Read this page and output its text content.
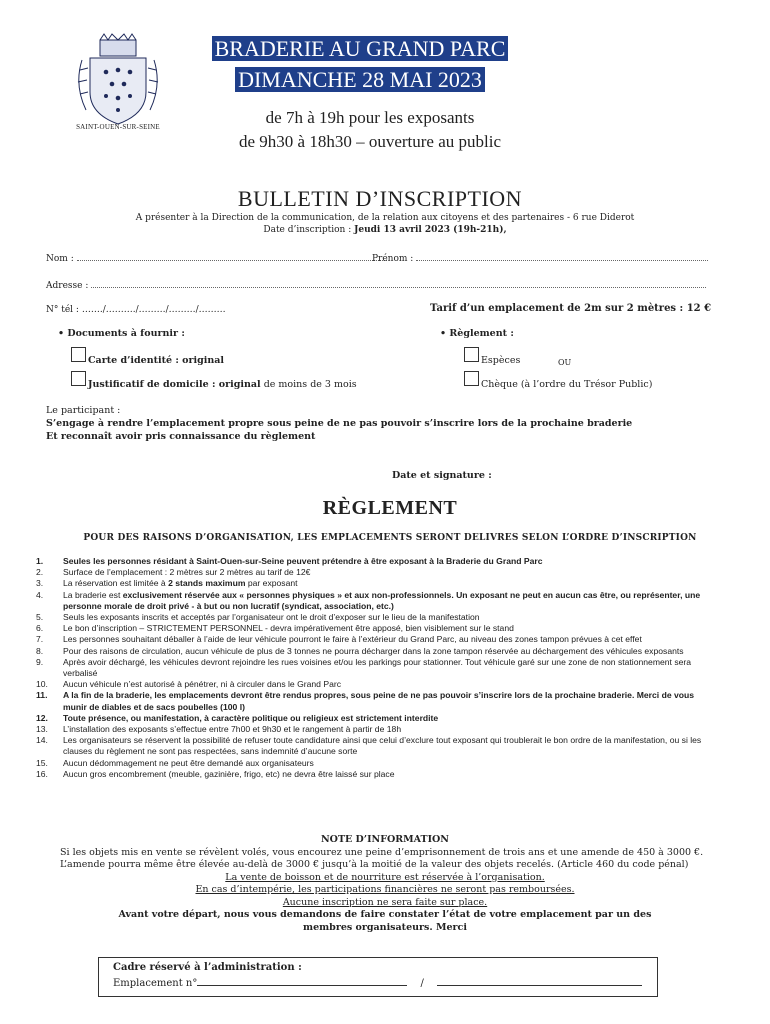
SAINT-OUEN-SUR-SEINE
BRADERIE AU GRAND PARC
DIMANCHE 28 MAI 2023
de 7h à 19h pour les exposants
de 9h30 à 18h30 – ouverture au public
BULLETIN D’INSCRIPTION
A présenter à la Direction de la communication, de la relation aux citoyens et des partenaires - 6 rue Diderot
Date d’inscription : Jeudi 13 avril 2023 (19h-21h),
Nom :	Prénom :
Adresse :
N° tél : ……./………./………/………/………	Tarif d’un emplacement de 2m sur 2 mètres : 12 €
• Documents à fournir :	• Règlement :
Carte d’identité : original
Justificatif de domicile : original de moins de 3 mois
Espèces	OU
Chèque (à l’ordre du Trésor Public)
Le participant :
S’engage à rendre l’emplacement propre sous peine de ne pas pouvoir s’inscrire lors de la prochaine braderie
Et reconnaît avoir pris connaissance du règlement
Date et signature :
RÈGLEMENT
POUR DES RAISONS D’ORGANISATION, LES EMPLACEMENTS SERONT DELIVRES SELON L’ORDRE D’INSCRIPTION
1.	Seules les personnes résidant à Saint-Ouen-sur-Seine peuvent prétendre à être exposant à la Braderie du Grand Parc
2.	Surface de l’emplacement : 2 mètres sur 2 mètres au tarif de 12€
3.	La réservation est limitée à 2 stands maximum par exposant
4.	La braderie est exclusivement réservée aux « personnes physiques » et aux non-professionnels. Un exposant ne peut en aucun cas être, ou représenter, une personne morale de droit privé - à but ou non lucratif (syndicat, association, etc.)
5.	Seuls les exposants inscrits et acceptés par l’organisateur ont le droit d’exposer sur le lieu de la manifestation
6.	Le bon d’inscription – STRICTEMENT PERSONNEL - devra impérativement être apposé, bien visiblement sur le stand
7.	Les personnes souhaitant déballer à l’aide de leur véhicule pourront le faire à l’extérieur du Grand Parc, au niveau des zones tampon prévues à cet effet
8.	Pour des raisons de circulation, aucun véhicule de plus de 3 tonnes ne pourra décharger dans la zone tampon réservée au déchargement des véhicules exposants
9.	Après avoir déchargé, les véhicules devront rejoindre les rues voisines et/ou les parkings pour stationner. Tout véhicule garé sur une zone de non stationnement sera verbalisé
10.	Aucun véhicule n’est autorisé à pénétrer, ni à circuler dans le Grand Parc
11.	A la fin de la braderie, les emplacements devront être rendus propres, sous peine de ne pas pouvoir s’inscrire lors de la prochaine braderie. Merci de vous munir de diables et de sacs poubelles (100 l)
12.	Toute présence, ou manifestation, à caractère politique ou religieux est strictement interdite
13.	L’installation des exposants s’effectue entre 7h00 et 9h30 et le rangement à partir de 18h
14.	Les organisateurs se réservent la possibilité de refuser toute candidature ainsi que celui d’exclure tout exposant qui troublerait le bon ordre de la manifestation, ou si les clauses du règlement ne sont pas respectées, sans indemnité d’aucune sorte
15.	Aucun dédommagement ne peut être demandé aux organisateurs
16.	Aucun gros encombrement (meuble, gazinière, frigo, etc) ne devra être laissé sur place
NOTE D’INFORMATION
Si les objets mis en vente se révèlent volés, vous encourez une peine d’emprisonnement de trois ans et une amende de 450 à 3000 €. L’amende pourra même être élevée au-delà de 3000 € jusqu’à la moitié de la valeur des objets recelés. (Article 460 du code pénal)
La vente de boisson et de nourriture est réservée à l’organisation.
En cas d’intempérie, les participations financières ne seront pas remboursées.
Aucune inscription ne sera faite sur place.
Avant votre départ, nous vous demandons de faire constater l’état de votre emplacement par un des
membres organisateurs. Merci
Cadre réservé à l’administration :
Emplacement n°	/
